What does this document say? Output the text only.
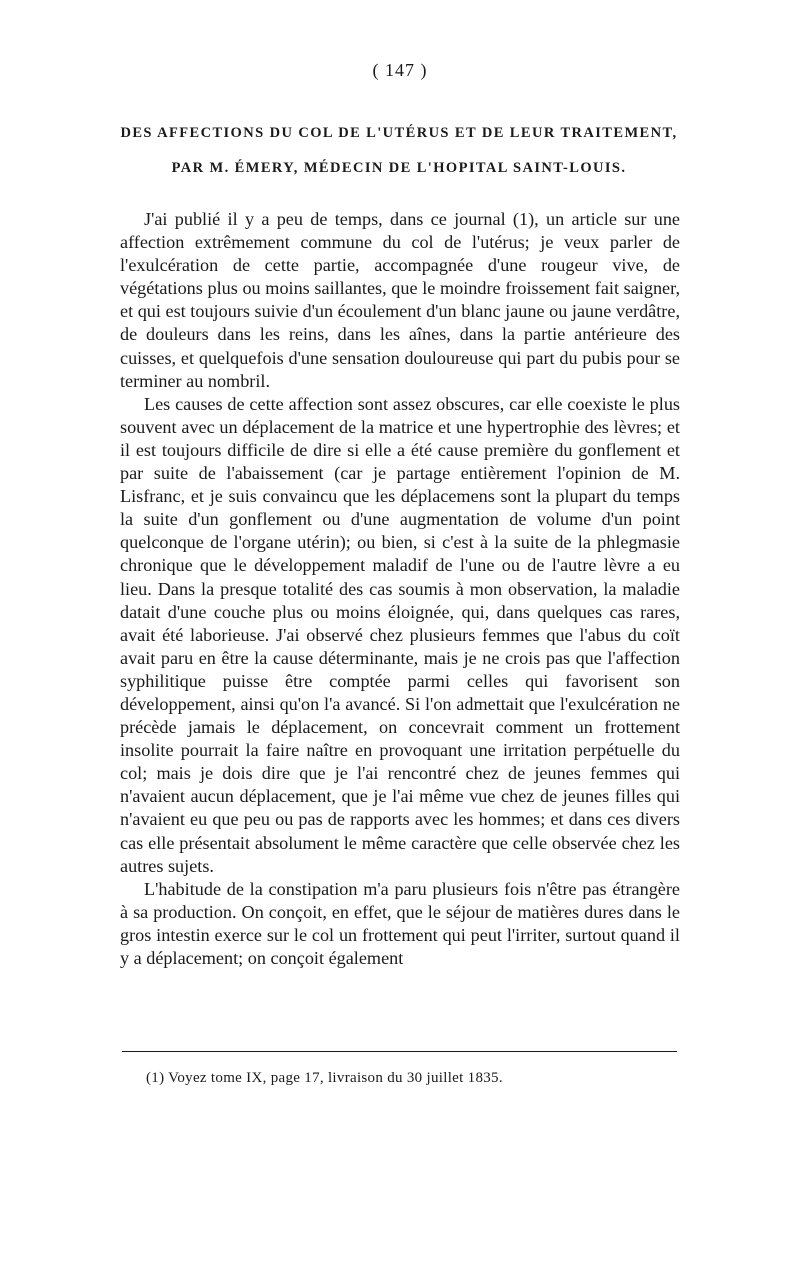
( 147 )
DES AFFECTIONS DU COL DE L'UTÉRUS ET DE LEUR TRAITEMENT,
PAR M. ÉMERY, MÉDECIN DE L'HOPITAL SAINT-LOUIS.

J'ai publié il y a peu de temps, dans ce journal (1), un article sur une affection extrêmement commune du col de l'utérus; je veux parler de l'exulcération de cette partie, accompagnée d'une rougeur vive, de végétations plus ou moins saillantes, que le moindre froissement fait saigner, et qui est toujours suivie d'un écoulement d'un blanc jaune ou jaune verdâtre, de douleurs dans les reins, dans les aînes, dans la partie antérieure des cuisses, et quelquefois d'une sensation douloureuse qui part du pubis pour se terminer au nombril.

Les causes de cette affection sont assez obscures, car elle coexiste le plus souvent avec un déplacement de la matrice et une hypertrophie des lèvres; et il est toujours difficile de dire si elle a été cause première du gonflement et par suite de l'abaissement (car je partage entièrement l'opinion de M. Lisfranc, et je suis convaincu que les déplacemens sont la plupart du temps la suite d'un gonflement ou d'une augmentation de volume d'un point quelconque de l'organe utérin); ou bien, si c'est à la suite de la phlegmasie chronique que le développement maladif de l'une ou de l'autre lèvre a eu lieu. Dans la presque totalité des cas soumis à mon observation, la maladie datait d'une couche plus ou moins éloignée, qui, dans quelques cas rares, avait été laborieuse. J'ai observé chez plusieurs femmes que l'abus du coït avait paru en être la cause déterminante, mais je ne crois pas que l'affection syphilitique puisse être comptée parmi celles qui favorisent son développement, ainsi qu'on l'a avancé. Si l'on admettait que l'exulcération ne précède jamais le déplacement, on concevrait comment un frottement insolite pourrait la faire naître en provoquant une irritation perpétuelle du col; mais je dois dire que je l'ai rencontré chez de jeunes femmes qui n'avaient aucun déplacement, que je l'ai même vue chez de jeunes filles qui n'avaient eu que peu ou pas de rapports avec les hommes; et dans ces divers cas elle présentait absolument le même caractère que celle observée chez les autres sujets.

L'habitude de la constipation m'a paru plusieurs fois n'être pas étrangère à sa production. On conçoit, en effet, que le séjour de matières dures dans le gros intestin exerce sur le col un frottement qui peut l'irriter, surtout quand il y a déplacement; on conçoit également

(1) Voyez tome IX, page 17, livraison du 30 juillet 1835.
